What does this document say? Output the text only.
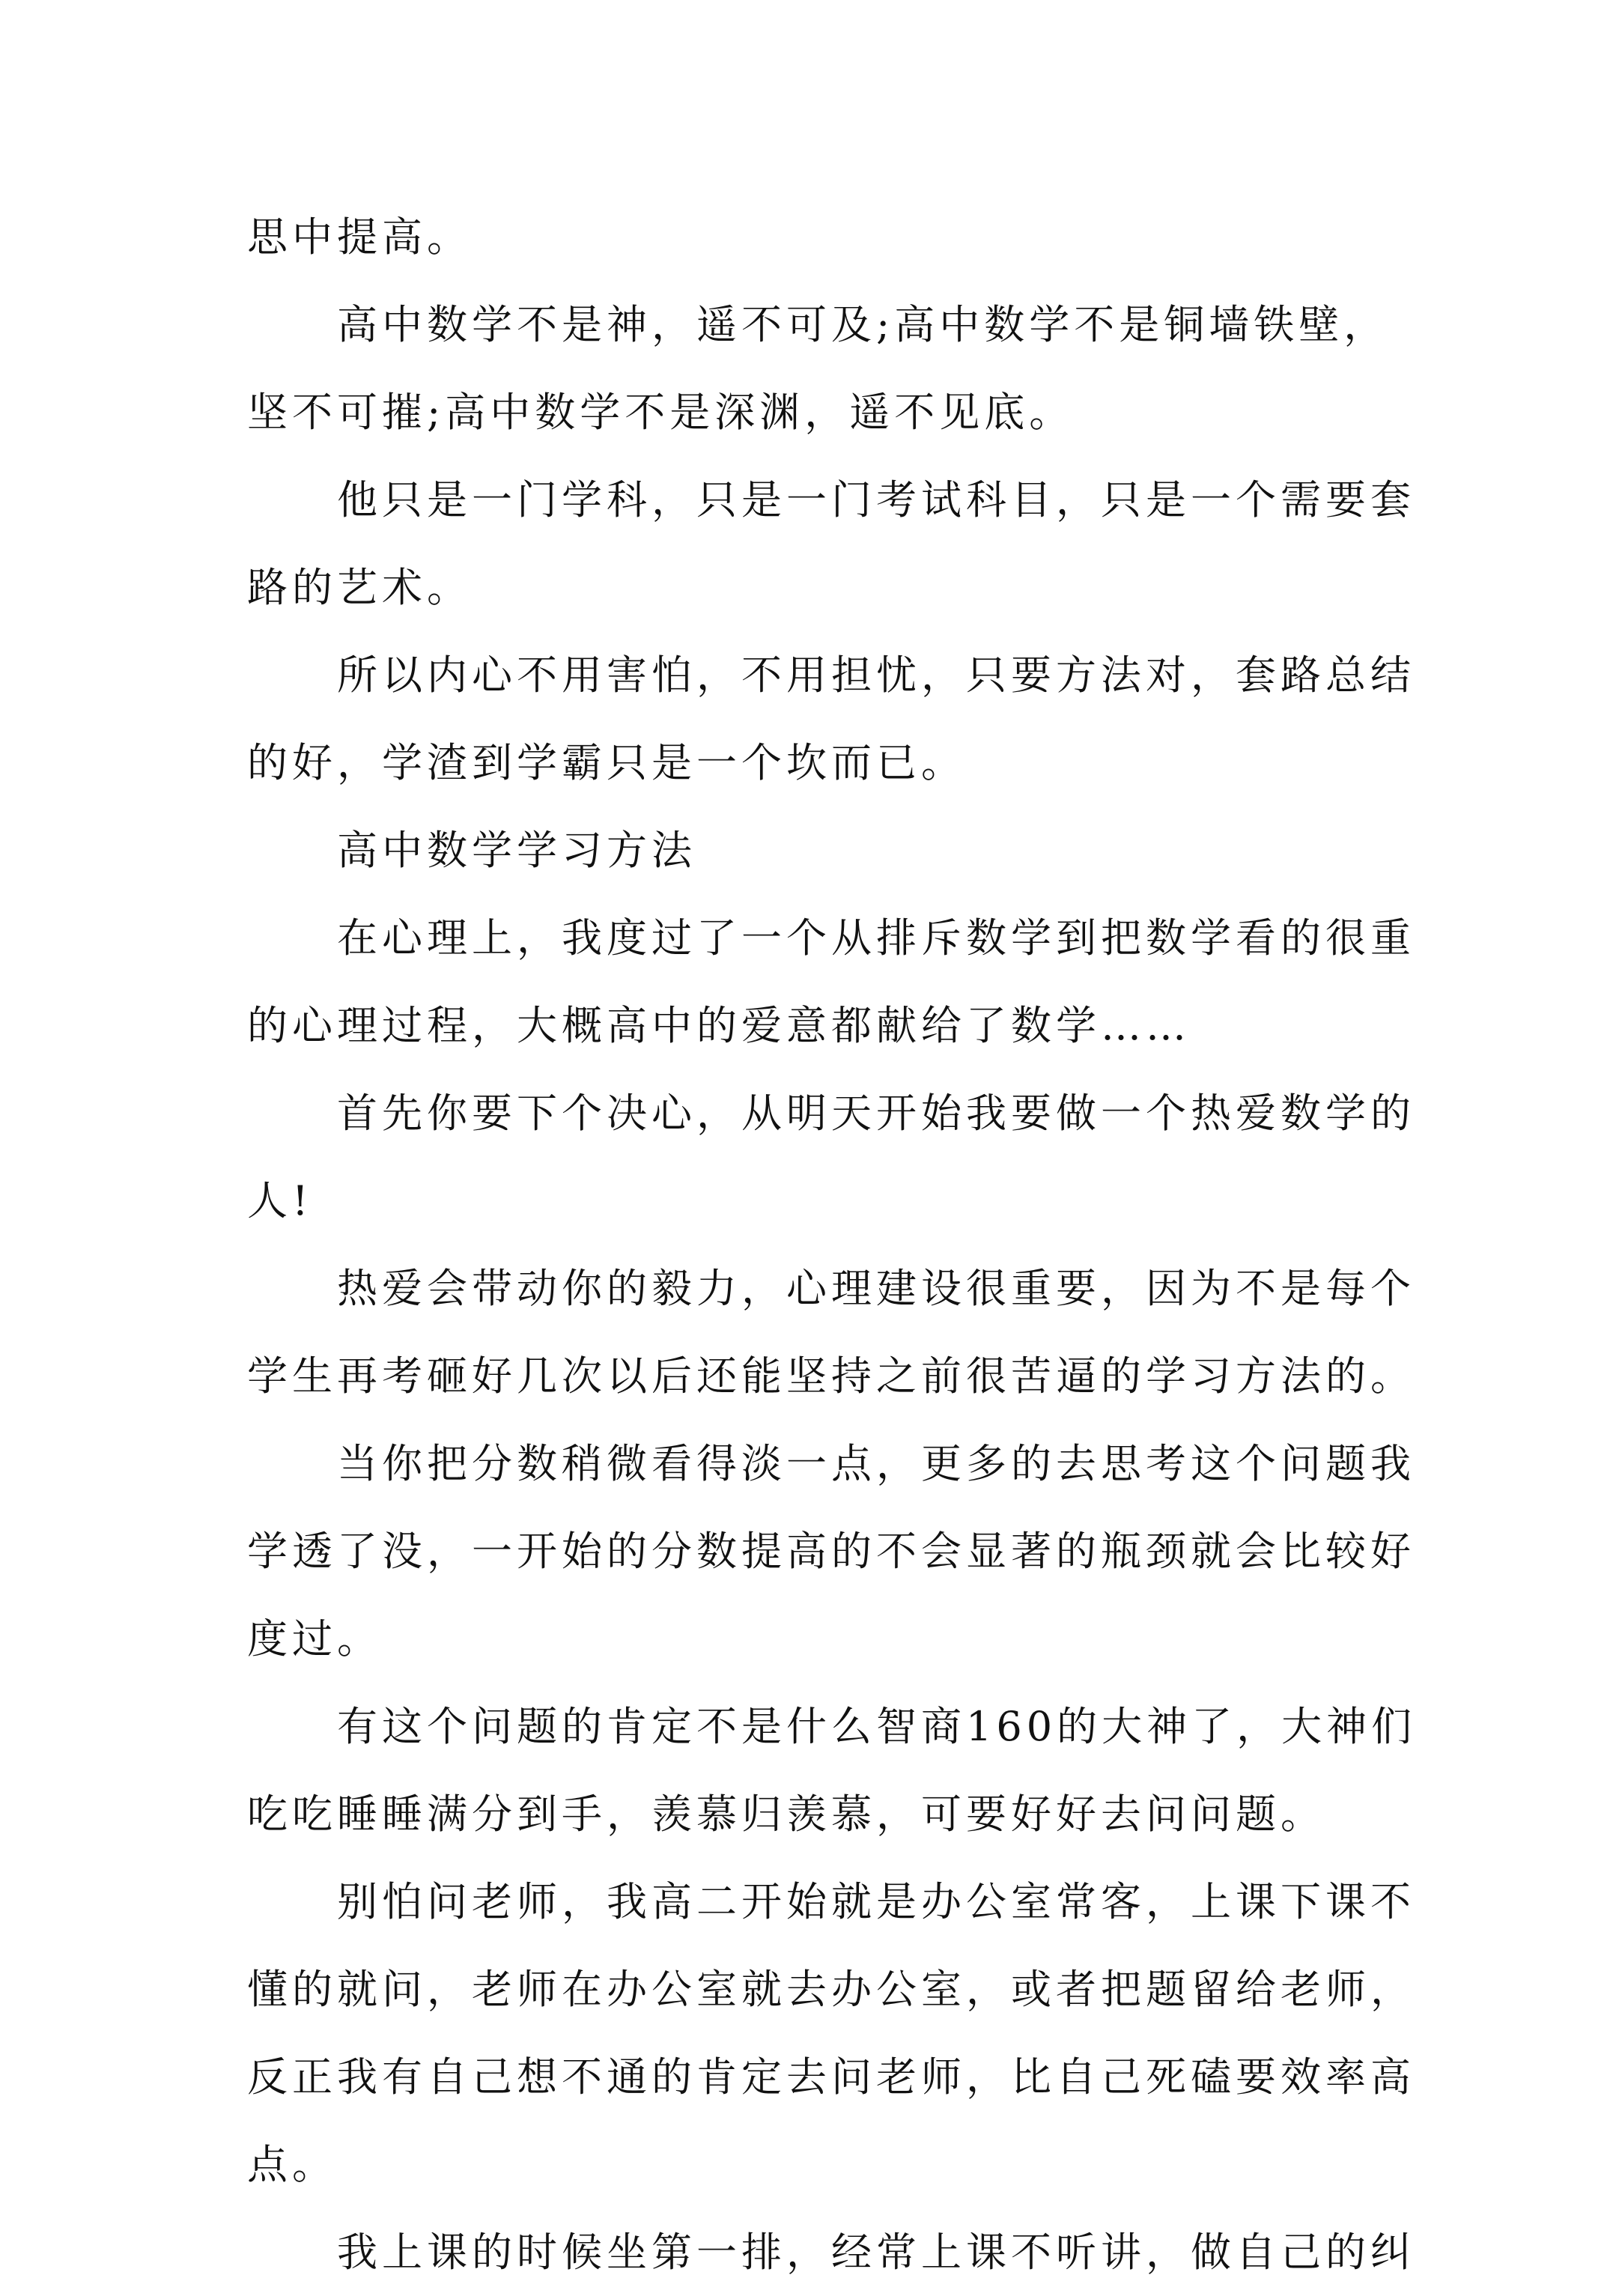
思中提高。
高中数学不是神，遥不可及;高中数学不是铜墙铁壁，
坚不可摧;高中数学不是深渊，遥不见底。
他只是一门学科，只是一门考试科目，只是一个需要套
路的艺术。
所以内心不用害怕，不用担忧，只要方法对，套路总结
的好，学渣到学霸只是一个坎而已。
高中数学学习方法
在心理上，我度过了一个从排斥数学到把数学看的很重
的心理过程，大概高中的爱意都献给了数学……
首先你要下个决心，从明天开始我要做一个热爱数学的
人!
热爱会带动你的毅力，心理建设很重要，因为不是每个
学生再考砸好几次以后还能坚持之前很苦逼的学习方法的。
当你把分数稍微看得淡一点，更多的去思考这个问题我
学透了没，一开始的分数提高的不会显著的瓶颈就会比较好
度过。
有这个问题的肯定不是什么智商160的大神了，大神们
吃吃睡睡满分到手，羡慕归羡慕，可要好好去问问题。
别怕问老师，我高二开始就是办公室常客，上课下课不
懂的就问，老师在办公室就去办公室，或者把题留给老师，
反正我有自己想不通的肯定去问老师，比自己死磕要效率高
点。
我上课的时候坐第一排，经常上课不听讲，做自己的纠
